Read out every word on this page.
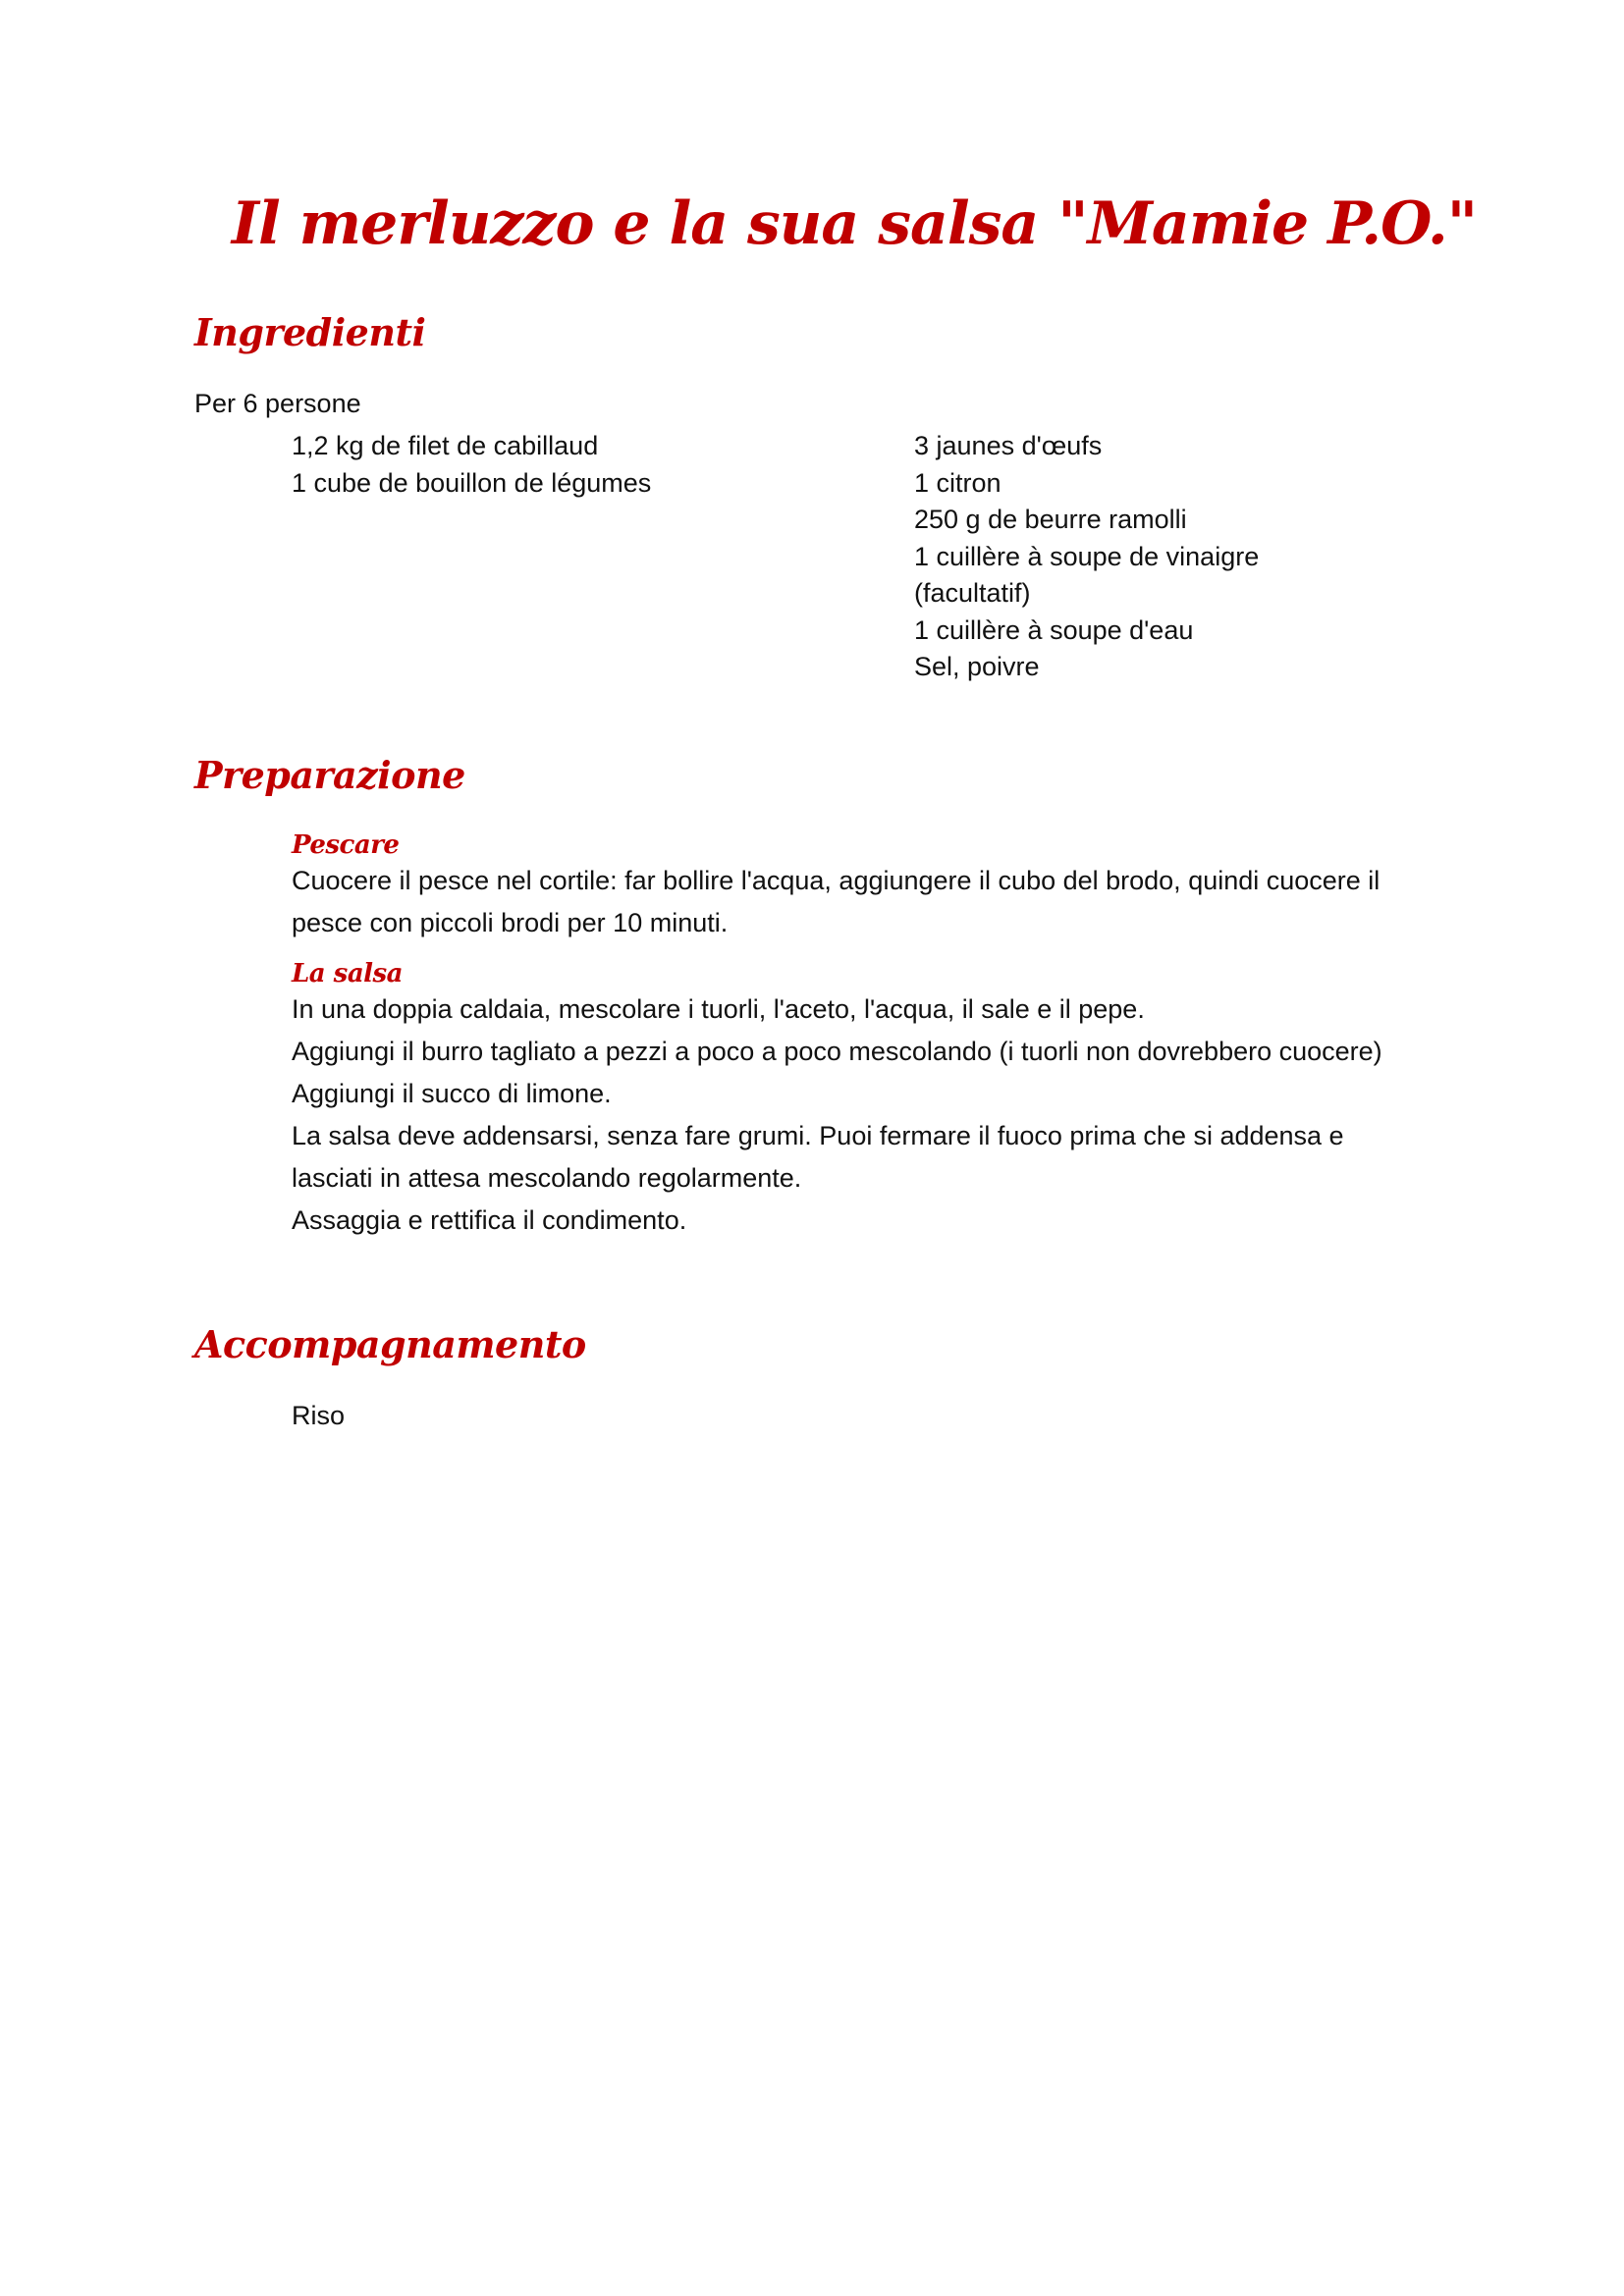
Il merluzzo e la sua salsa "Mamie P.O."
Ingredienti

Per 6 persone

1,2 kg de filet de cabillaud
1 cube de bouillon de légumes
3 jaunes d'œufs
1 citron
250 g de beurre ramolli
1 cuillère à soupe de vinaigre
(facultatif)
1 cuillère à soupe d'eau
Sel, poivre
Preparazione
Pescare

Cuocere il pesce nel cortile: far bollire l'acqua, aggiungere il cubo del brodo, quindi cuocere il pesce con piccoli brodi per 10 minuti.

La salsa

In una doppia caldaia, mescolare i tuorli, l'aceto, l'acqua, il sale e il pepe.

Aggiungi il burro tagliato a pezzi a poco a poco mescolando (i tuorli non dovrebbero cuocere)

Aggiungi il succo di limone.

La salsa deve addensarsi, senza fare grumi. Puoi fermare il fuoco prima che si addensa e lasciati in attesa mescolando regolarmente.

Assaggia e rettifica il condimento.

Accompagnamento

Riso
